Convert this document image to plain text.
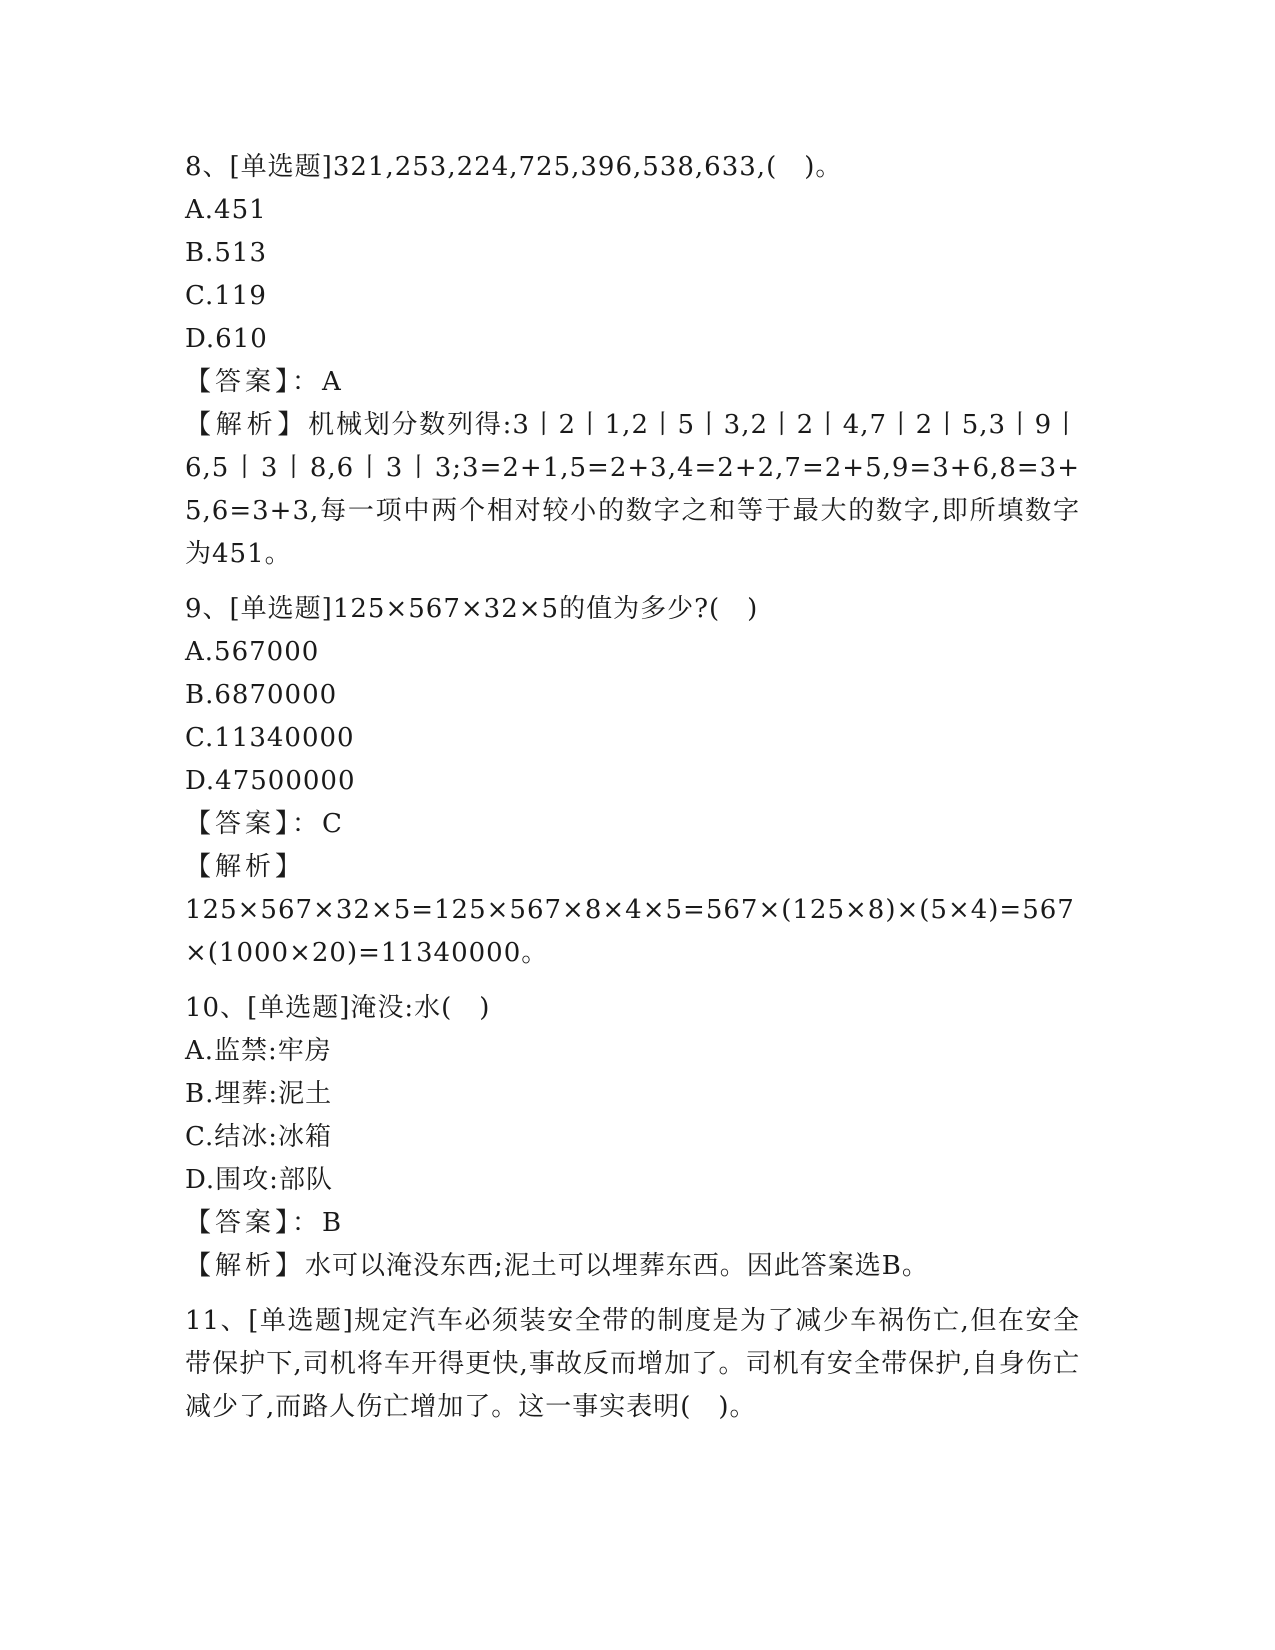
8、[单选题]321,253,224,725,396,538,633,(　)。
A.451
B.513
C.119
D.610
【答案】：A
【解析】机械划分数列得:3丨2丨1,2丨5丨3,2丨2丨4,7丨2丨5,3丨9丨6,5丨3丨8,6丨3丨3;3=2+1,5=2+3,4=2+2,7=2+5,9=3+6,8=3+5,6=3+3,每一项中两个相对较小的数字之和等于最大的数字,即所填数字为451。
9、[单选题]125×567×32×5的值为多少?(　)
A.567000
B.6870000
C.11340000
D.47500000
【答案】：C
【解析】
125×567×32×5=125×567×8×4×5=567×(125×8)×(5×4)=567×(1000×20)=11340000。
10、[单选题]淹没:水(　)
A.监禁:牢房
B.埋葬:泥土
C.结冰:冰箱
D.围攻:部队
【答案】：B
【解析】水可以淹没东西;泥土可以埋葬东西。因此答案选B。
11、[单选题]规定汽车必须装安全带的制度是为了减少车祸伤亡,但在安全带保护下,司机将车开得更快,事故反而增加了。司机有安全带保护,自身伤亡减少了,而路人伤亡增加了。这一事实表明(　)。
